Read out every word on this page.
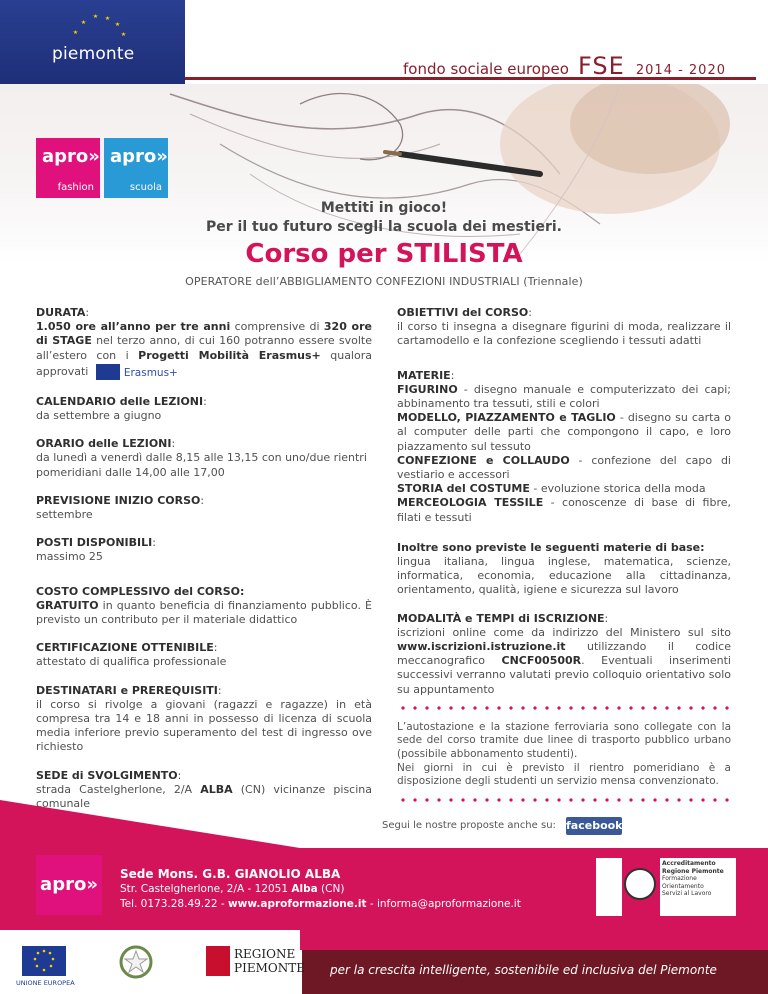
piemonte
fondo sociale europeo FSE 2014 - 2020
apro»
fashion
apro»
scuola
Mettiti in gioco!
Per il tuo futuro scegli la scuola dei mestieri.
Corso per STILISTA
OPERATORE dell’ABBIGLIAMENTO CONFEZIONI INDUSTRIALI (Triennale)
DURATA:
1.050 ore all’anno per tre anni comprensive di 320 ore di STAGE nel terzo anno, di cui 160 potranno essere svolte all’estero con i Progetti Mobilità Erasmus+ qualora approvati	Erasmus+
CALENDARIO delle LEZIONI:
da settembre a giugno
ORARIO delle LEZIONI:
da lunedì a venerdì dalle 8,15 alle 13,15 con uno/due rientri pomeridiani dalle 14,00 alle 17,00
PREVISIONE INIZIO CORSO:
settembre
POSTI DISPONIBILI:
massimo 25
COSTO COMPLESSIVO del CORSO:
GRATUITO in quanto beneficia di finanziamento pubblico. È previsto un contributo per il materiale didattico
CERTIFICAZIONE OTTENIBILE:
attestato di qualifica professionale
DESTINATARI e PREREQUISITI:
il corso si rivolge a giovani (ragazzi e ragazze) in età compresa tra 14 e 18 anni in possesso di licenza di scuola media inferiore previo superamento del test di ingresso ove richiesto
SEDE di SVOLGIMENTO:
strada Castelgherlone, 2/A ALBA (CN) vicinanze piscina comunale
OBIETTIVI del CORSO:
il corso ti insegna a disegnare figurini di moda, realizzare il cartamodello e la confezione scegliendo i tessuti adatti
MATERIE:
FIGURINO - disegno manuale e computerizzato dei capi; abbinamento tra tessuti, stili e colori
MODELLO, PIAZZAMENTO e TAGLIO - disegno su carta o al computer delle parti che compongono il capo, e loro piazzamento sul tessuto
CONFEZIONE e COLLAUDO - confezione del capo di vestiario e accessori
STORIA del COSTUME - evoluzione storica della moda
MERCEOLOGIA TESSILE - conoscenze di base di fibre, filati e tessuti
Inoltre sono previste le seguenti materie di base:
lingua italiana, lingua inglese, matematica, scienze, informatica, economia, educazione alla cittadinanza, orientamento, qualità, igiene e sicurezza sul lavoro
MODALITÀ e TEMPI di ISCRIZIONE:
iscrizioni online come da indirizzo del Ministero sul sito www.iscrizioni.istruzione.it utilizzando il codice meccanografico CNCF00500R. Eventuali inserimenti successivi verranno valutati previo colloquio orientativo solo su appuntamento
L’autostazione e la stazione ferroviaria sono collegate con la sede del corso tramite due linee di trasporto pubblico urbano (possibile abbonamento studenti).
Nei giorni in cui è previsto il rientro pomeridiano è a disposizione degli studenti un servizio mensa convenzionato.
Segui le nostre proposte anche su: facebook
apro»	Sede Mons. G.B. GIANOLIO ALBA
Str. Castelgherlone, 2/A - 12051 Alba (CN)
Tel. 0173.28.49.22 - www.aproformazione.it - informa@aproformazione.it
Accreditamento Regione Piemonte
Formazione
Orientamento
Servizi al Lavoro
per la crescita intelligente, sostenibile ed inclusiva del Piemonte
UNIONE EUROPEA
REGIONE
PIEMONTE
